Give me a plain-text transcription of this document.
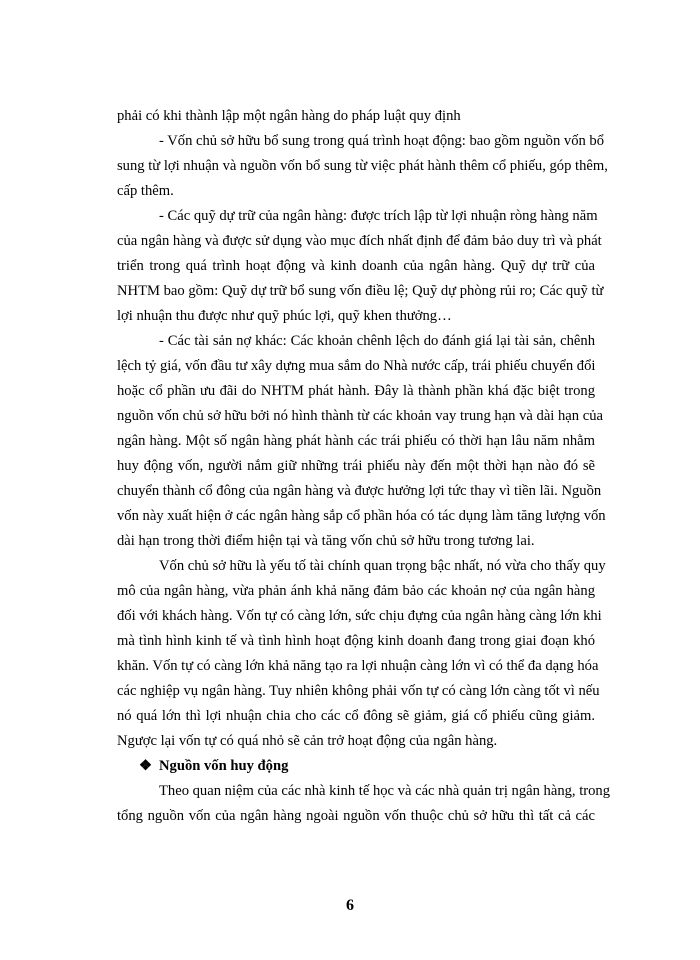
phải có khi thành lập một ngân hàng do pháp luật quy định
- Vốn chủ sở hữu bổ sung trong quá trình hoạt động: bao gồm nguồn vốn bổ
sung từ lợi nhuận và nguồn vốn bổ sung từ việc phát hành thêm cổ phiếu, góp thêm,
cấp thêm.
- Các quỹ dự trữ của ngân hàng: được trích lập từ lợi nhuận ròng hàng năm
của ngân hàng và được sử dụng vào mục đích nhất định để đảm bảo duy trì và phát
triển trong quá trình hoạt động và kinh doanh của ngân hàng. Quỹ dự trữ của
NHTM bao gồm: Quỹ dự trữ bổ sung vốn điều lệ; Quỹ dự phòng rủi ro; Các quỹ từ
lợi nhuận thu được như quỹ phúc lợi, quỹ khen thưởng…
- Các tài sản nợ khác: Các khoản chênh lệch do đánh giá lại tài sản, chênh
lệch tỷ giá, vốn đầu tư xây dựng mua sắm do Nhà nước cấp, trái phiếu chuyển đổi
hoặc cổ phần ưu đãi do NHTM phát hành. Đây là thành phần khá đặc biệt trong
nguồn vốn chủ sở hữu bởi nó hình thành từ các khoản vay trung hạn và dài hạn của
ngân hàng. Một số ngân hàng phát hành các trái phiếu có thời hạn lâu năm nhằm
huy động vốn, người nắm giữ những trái phiếu này đến một thời hạn nào đó sẽ
chuyển thành cổ đông của ngân hàng và được hưởng lợi tức thay vì tiền lãi. Nguồn
vốn này xuất hiện ở các ngân hàng sắp cổ phần hóa có tác dụng làm tăng lượng vốn
dài hạn trong thời điểm hiện tại và tăng vốn chủ sở hữu trong tương lai.
Vốn chủ sở hữu là yếu tố tài chính quan trọng bậc nhất, nó vừa cho thấy quy
mô của ngân hàng, vừa phản ánh khả năng đảm bảo các khoản nợ của ngân hàng
đối với khách hàng. Vốn tự có càng lớn, sức chịu đựng của ngân hàng càng lớn khi
mà tình hình kinh tế và tình hình hoạt động kinh doanh đang trong giai đoạn khó
khăn. Vốn tự có càng lớn khả năng tạo ra lợi nhuận càng lớn vì có thể đa dạng hóa
các nghiệp vụ ngân hàng. Tuy nhiên không phải vốn tự có càng lớn càng tốt vì nếu
nó quá lớn thì lợi nhuận chia cho các cổ đông sẽ giảm, giá cổ phiếu cũng giảm.
Ngược lại vốn tự có quá nhỏ sẽ cản trở hoạt động của ngân hàng.
❖ Nguồn vốn huy động
Theo quan niệm của các nhà kinh tế học và các nhà quản trị ngân hàng, trong
tổng nguồn vốn của ngân hàng ngoài nguồn vốn thuộc chủ sở hữu thì tất cả các
6
